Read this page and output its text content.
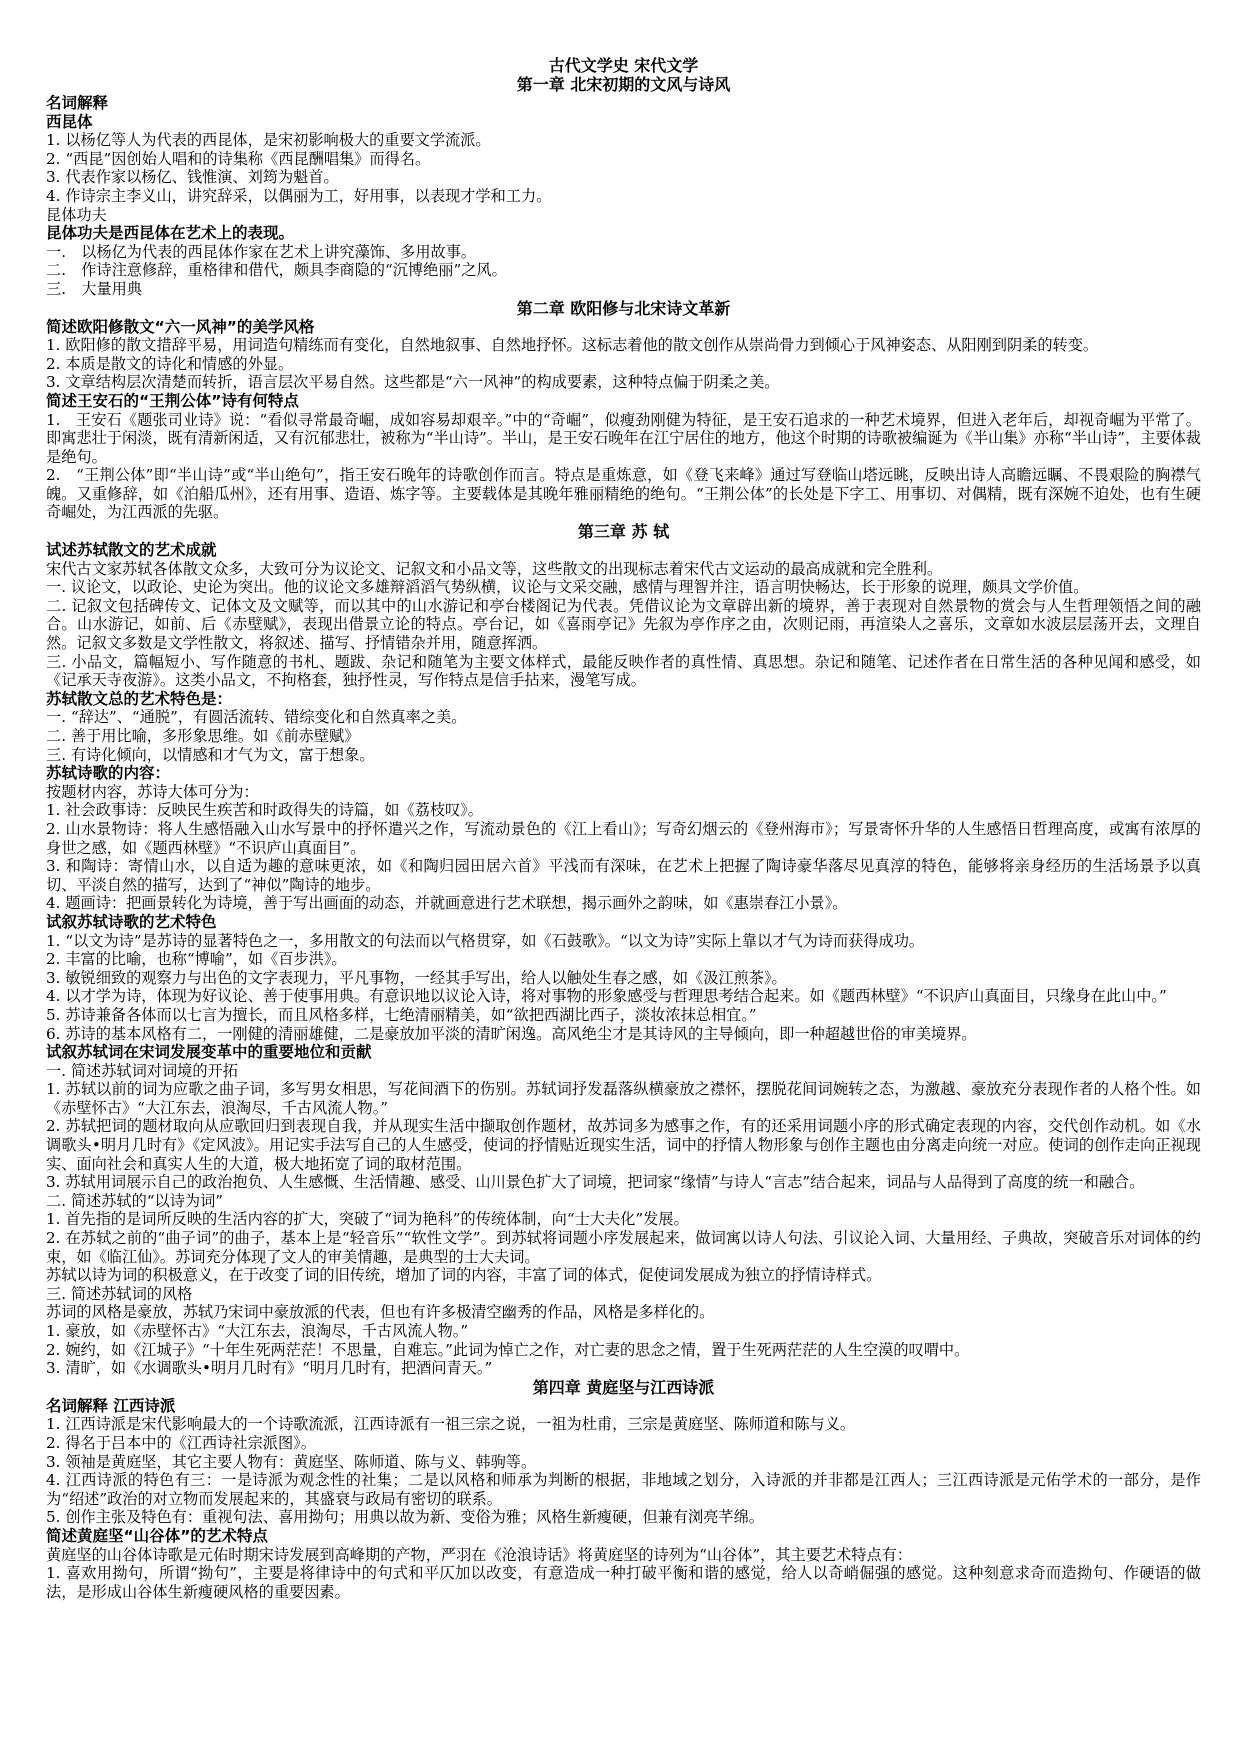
古代文学史 宋代文学
第一章 北宋初期的文风与诗风
名词解释
西昆体
1. 以杨亿等人为代表的西昆体，是宋初影响极大的重要文学流派。
2. “西昆”因创始人唱和的诗集称《西昆酬唱集》而得名。
3. 代表作家以杨亿、钱惟演、刘筠为魁首。
4. 作诗宗主李义山，讲究辞采，以偶丽为工，好用事，以表现才学和工力。
昆体功夫
昆体功夫是西昆体在艺术上的表现。
一.　以杨亿为代表的西昆体作家在艺术上讲究藻饰、多用故事。
二.　作诗注意修辞，重格律和借代，颇具李商隐的“沉博绝丽”之风。
三.　大量用典
第二章 欧阳修与北宋诗文革新
简述欧阳修散文“六一风神”的美学风格
1. 欧阳修的散文措辞平易，用词造句精练而有变化，自然地叙事、自然地抒怀。这标志着他的散文创作从崇尚骨力到倾心于风神姿态、从阳刚到阴柔的转变。
2. 本质是散文的诗化和情感的外显。
3. 文章结构层次清楚而转折，语言层次平易自然。这些都是“六一风神”的构成要素，这种特点偏于阴柔之美。
简述王安石的“王荆公体”诗有何特点
1.　王安石《题张司业诗》说：“看似寻常最奇崛，成如容易却艰辛。”中的“奇崛”，似瘦劲刚健为特征，是王安石追求的一种艺术境界，但进入老年后，却视奇崛为平常了。即寓悲壮于闲淡，既有清新闲适，又有沉郁悲壮，被称为“半山诗”。半山，是王安石晚年在江宁居住的地方，他这个时期的诗歌被编诞为《半山集》亦称“半山诗”，主要体裁是绝句。
2.　“王荆公体”即“半山诗”或“半山绝句”，指王安石晚年的诗歌创作而言。特点是重炼意，如《登飞来峰》通过写登临山塔远眺，反映出诗人高瞻远瞩、不畏艰险的胸襟气魄。又重修辞，如《泊船瓜州》，还有用事、造语、炼字等。主要载体是其晚年雅丽精绝的绝句。“王荆公体”的长处是下字工、用事切、对偶精，既有深婉不迫处，也有生硬奇崛处，为江西派的先驱。
第三章 苏 轼
试述苏轼散文的艺术成就
宋代古文家苏轼各体散文众多，大致可分为议论文、记叙文和小品文等，这些散文的出现标志着宋代古文运动的最高成就和完全胜利。
一. 议论文，以政论、史论为突出。他的议论文多雄辩滔滔气势纵横，议论与文采交融，感情与理智并注，语言明快畅达，长于形象的说理，颇具文学价值。
二. 记叙文包括碑传文、记体文及文赋等，而以其中的山水游记和亭台楼阁记为代表。凭借议论为文章辟出新的境界，善于表现对自然景物的赏会与人生哲理领悟之间的融合。山水游记，如前、后《赤壁赋》，表现出借景立论的特点。亭台记，如《喜雨亭记》先叙为亭作序之由，次则记雨，再渲染人之喜乐，文章如水波层层荡开去，文理自然。记叙文多数是文学性散文，将叙述、描写、抒情错杂并用，随意挥洒。
三. 小品文，篇幅短小、写作随意的书札、题跋、杂记和随笔为主要文体样式，最能反映作者的真性情、真思想。杂记和随笔、记述作者在日常生活的各种见闻和感受，如《记承天寺夜游》。这类小品文，不拘格套，独抒性灵，写作特点是信手拈来，漫笔写成。
苏轼散文总的艺术特色是：
一. “辞达”、“通脱”，有圆活流转、错综变化和自然真率之美。
二. 善于用比喻，多形象思维。如《前赤壁赋》
三. 有诗化倾向，以情感和才气为文，富于想象。
苏轼诗歌的内容：
按题材内容，苏诗大体可分为：
1. 社会政事诗：反映民生疾苦和时政得失的诗篇，如《荔枝叹》。
2. 山水景物诗：将人生感悟融入山水写景中的抒怀遣兴之作，写流动景色的《江上看山》；写奇幻烟云的《登州海市》；写景寄怀升华的人生感悟日哲理高度，或寓有浓厚的身世之感，如《题西林壁》“不识庐山真面目”。
3. 和陶诗：寄情山水，以自适为趣的意味更浓，如《和陶归园田居六首》平浅而有深味，在艺术上把握了陶诗豪华落尽见真淳的特色，能够将亲身经历的生活场景予以真切、平淡自然的描写，达到了“神似”陶诗的地步。
4. 题画诗：把画景转化为诗境，善于写出画面的动态，并就画意进行艺术联想，揭示画外之韵味，如《惠崇春江小景》。
试叙苏轼诗歌的艺术特色
1. “以文为诗”是苏诗的显著特色之一，多用散文的句法而以气格贯穿，如《石鼓歌》。“以文为诗”实际上靠以才气为诗而获得成功。
2. 丰富的比喻，也称“博喻”，如《百步洪》。
3. 敏锐细致的观察力与出色的文字表现力，平凡事物，一经其手写出，给人以触处生春之感，如《汲江煎茶》。
4. 以才学为诗，体现为好议论、善于使事用典。有意识地以议论入诗，将对事物的形象感受与哲理思考结合起来。如《题西林壁》“不识庐山真面目，只缘身在此山中。”
5. 苏诗兼备各体而以七言为擅长，而且风格多样，七绝清丽精美，如“欲把西湖比西子，淡妆浓抹总相宜。”
6. 苏诗的基本风格有二，一刚健的清丽雄健，二是豪放加平淡的清旷闲逸。高风绝尘才是其诗风的主导倾向，即一种超越世俗的审美境界。
试叙苏轼词在宋词发展变革中的重要地位和贡献
一. 简述苏轼词对词境的开拓
1. 苏轼以前的词为应歌之曲子词，多写男女相思，写花间酒下的伤别。苏轼词抒发磊落纵横豪放之襟怀，摆脱花间词婉转之态，为激越、豪放充分表现作者的人格个性。如《赤壁怀古》“大江东去，浪淘尽，千古风流人物。”
2. 苏轼把词的题材取向从应歌回归到表现自我，并从现实生活中撷取创作题材，故苏词多为感事之作，有的还采用词题小序的形式确定表现的内容，交代创作动机。如《水调歌头•明月几时有》《定风波》。用记实手法写自己的人生感受，使词的抒情贴近现实生活，词中的抒情人物形象与创作主题也由分离走向统一对应。使词的创作走向正视现实、面向社会和真实人生的大道，极大地拓宽了词的取材范围。
3. 苏轼用词展示自己的政治抱负、人生感慨、生活情趣、感受、山川景色扩大了词境，把词家“缘情”与诗人“言志”结合起来，词品与人品得到了高度的统一和融合。
二. 简述苏轼的“以诗为词”
1. 首先指的是词所反映的生活内容的扩大，突破了“词为艳科”的传统体制，向“士大夫化”发展。
2. 在苏轼之前的“曲子词”的曲子，基本上是“轻音乐”“软性文学”。到苏轼将词题小序发展起来，做词寓以诗人句法、引议论入词、大量用经、子典故，突破音乐对词体的约束，如《临江仙》。苏词充分体现了文人的审美情趣，是典型的士大夫词。
苏轼以诗为词的积极意义，在于改变了词的旧传统，增加了词的内容，丰富了词的体式，促使词发展成为独立的抒情诗样式。
三. 简述苏轼词的风格
苏词的风格是豪放，苏轼乃宋词中豪放派的代表，但也有许多极清空幽秀的作品，风格是多样化的。
1. 豪放，如《赤壁怀古》“大江东去，浪淘尽，千古风流人物。”
2. 婉约，如《江城子》“十年生死两茫茫！不思量，自难忘。”此词为悼亡之作，对亡妻的思念之情，置于生死两茫茫的人生空漠的叹喟中。
3. 清旷，如《水调歌头•明月几时有》“明月几时有，把酒问青天。”
第四章 黄庭坚与江西诗派
名词解释 江西诗派
1. 江西诗派是宋代影响最大的一个诗歌流派，江西诗派有一祖三宗之说，一祖为杜甫，三宗是黄庭坚、陈师道和陈与义。
2. 得名于吕本中的《江西诗社宗派图》。
3. 领袖是黄庭坚，其它主要人物有：黄庭坚、陈师道、陈与义、韩驹等。
4. 江西诗派的特色有三：一是诗派为观念性的社集；二是以风格和师承为判断的根据，非地域之划分，入诗派的并非都是江西人；三江西诗派是元佑学术的一部分，是作为“绍述”政治的对立物而发展起来的，其盛衰与政局有密切的联系。
5. 创作主张及特色有：重视句法、喜用拗句；用典以故为新、变俗为雅；风格生新瘦硬，但兼有浏亮芊绵。
简述黄庭坚“山谷体”的艺术特点
黄庭坚的山谷体诗歌是元佑时期宋诗发展到高峰期的产物，严羽在《沧浪诗话》将黄庭坚的诗列为“山谷体”，其主要艺术特点有：
1. 喜欢用拗句，所谓“拗句”，主要是将律诗中的句式和平仄加以改变，有意造成一种打破平衡和谐的感觉，给人以奇峭倔强的感觉。这种刻意求奇而造拗句、作硬语的做法，是形成山谷体生新瘦硬风格的重要因素。
